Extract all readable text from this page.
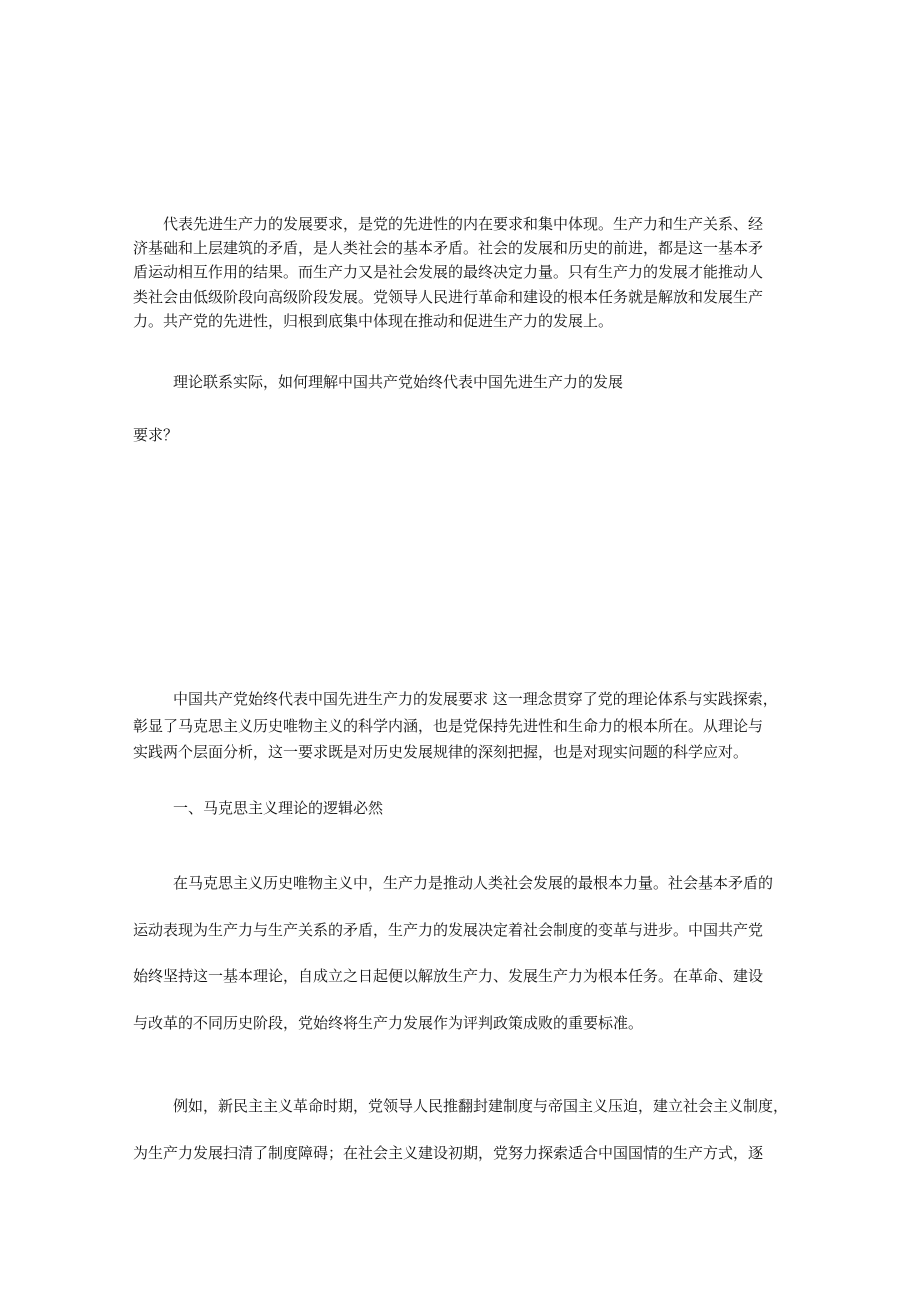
代表先进生产力的发展要求，是党的先进性的内在要求和集中体现。生产力和生产关系、经
济基础和上层建筑的矛盾，是人类社会的基本矛盾。社会的发展和历史的前进，都是这一基本矛
盾运动相互作用的结果。而生产力又是社会发展的最终决定力量。只有生产力的发展才能推动人
类社会由低级阶段向高级阶段发展。党领导人民进行革命和建设的根本任务就是解放和发展生产
力。共产党的先进性，归根到底集中体现在推动和促进生产力的发展上。

理论联系实际，如何理解中国共产党始终代表中国先进生产力的发展

要求？

中国共产党始终代表中国先进生产力的发展要求 这一理念贯穿了党的理论体系与实践探索，
彰显了马克思主义历史唯物主义的科学内涵，也是党保持先进性和生命力的根本所在。从理论与
实践两个层面分析，这一要求既是对历史发展规律的深刻把握，也是对现实问题的科学应对。

一、马克思主义理论的逻辑必然

在马克思主义历史唯物主义中，生产力是推动人类社会发展的最根本力量。社会基本矛盾的
运动表现为生产力与生产关系的矛盾，生产力的发展决定着社会制度的变革与进步。中国共产党
始终坚持这一基本理论，自成立之日起便以解放生产力、发展生产力为根本任务。在革命、建设
与改革的不同历史阶段，党始终将生产力发展作为评判政策成败的重要标准。

例如，新民主主义革命时期，党领导人民推翻封建制度与帝国主义压迫，建立社会主义制度，
为生产力发展扫清了制度障碍；在社会主义建设初期，党努力探索适合中国国情的生产方式，逐
